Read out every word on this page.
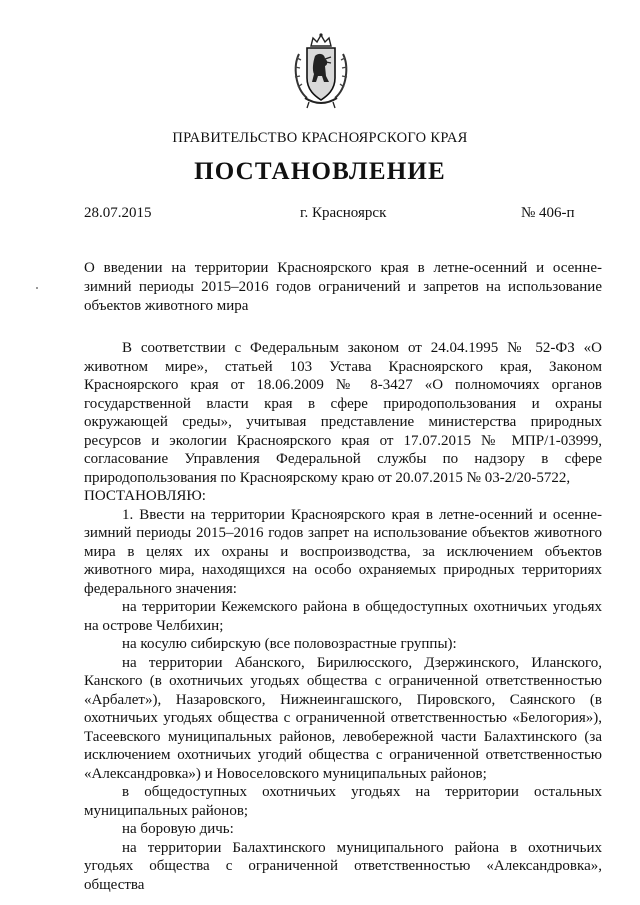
ПРАВИТЕЛЬСТВО КРАСНОЯРСКОГО КРАЯ
ПОСТАНОВЛЕНИЕ
28.07.2015	г. Красноярск	№ 406-п
О введении на территории Красноярского края в летне-осенний и осенне-зимний периоды 2015–2016 годов ограничений и запретов на использование объектов животного мира

В соответствии с Федеральным законом от 24.04.1995 № 52-ФЗ «О животном мире», статьей 103 Устава Красноярского края, Законом Красноярского края от 18.06.2009 № 8-3427 «О полномочиях органов государственной власти края в сфере природопользования и охраны окружающей среды», учитывая представление министерства природных ресурсов и экологии Красноярского края от 17.07.2015 № МПР/1-03999, согласование Управления Федеральной службы по надзору в сфере природопользования по Красноярскому краю от 20.07.2015 № 03-2/20-5722,

ПОСТАНОВЛЯЮ:

1. Ввести на территории Красноярского края в летне-осенний и осенне-зимний периоды 2015–2016 годов запрет на использование объектов животного мира в целях их охраны и воспроизводства, за исключением объектов животного мира, находящихся на особо охраняемых природных территориях федерального значения:

на территории Кежемского района в общедоступных охотничьих угодьях на острове Челбихин;

на косулю сибирскую (все половозрастные группы):

на территории Абанского, Бирилюсского, Дзержинского, Иланского, Канского (в охотничьих угодьях общества с ограниченной ответственностью «Арбалет»), Назаровского, Нижнеингашского, Пировского, Саянского (в охотничьих угодьях общества с ограниченной ответственностью «Белогория»), Тасеевского муниципальных районов, левобережной части Балахтинского (за исключением охотничьих угодий общества с ограниченной ответственностью «Александровка») и Новоселовского муниципальных районов;

в общедоступных охотничьих угодьях на территории остальных муниципальных районов;

на боровую дичь:

на территории Балахтинского муниципального района в охотничьих угодьях общества с ограниченной ответственностью «Александровка», общества
